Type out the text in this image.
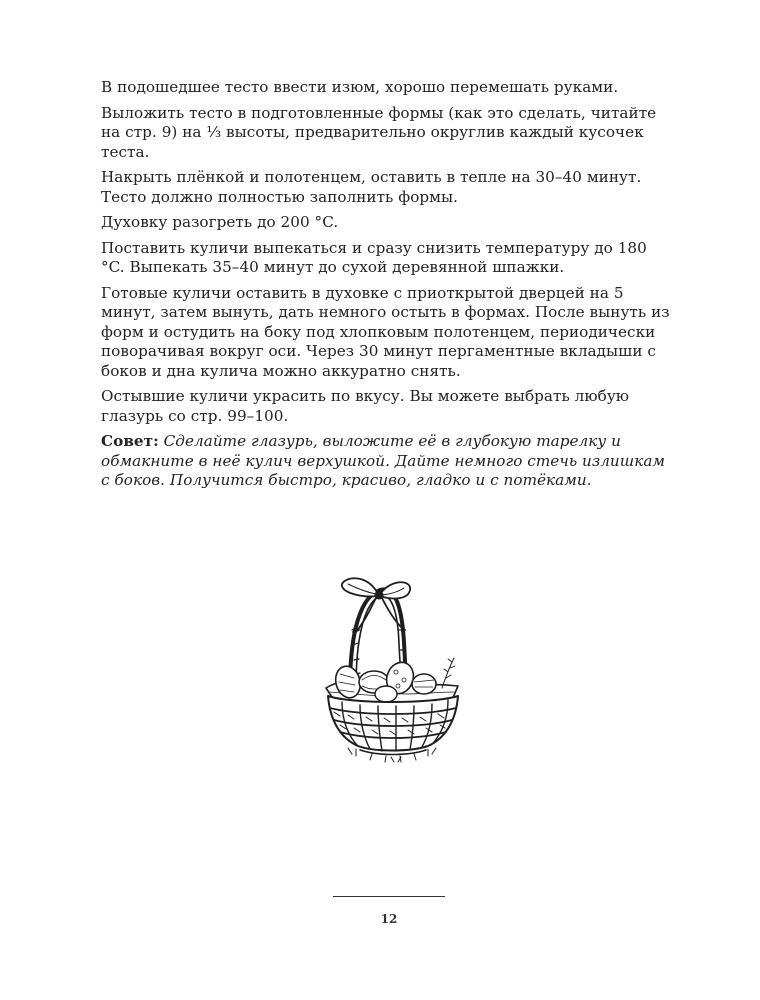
В подошедшее тесто ввести изюм, хорошо перемешать руками.

Выложить тесто в подготовленные формы (как это сделать, читайте на стр. 9) на ⅓ высоты, предварительно округлив каждый кусочек теста.

Накрыть плёнкой и полотенцем, оставить в тепле на 30–40 минут. Тесто должно полностью заполнить формы.

Духовку разогреть до 200 °C.

Поставить куличи выпекаться и сразу снизить температуру до 180 °C. Выпекать 35–40 минут до сухой деревянной шпажки.

Готовые куличи оставить в духовке с приоткрытой дверцей на 5 минут, затем вынуть, дать немного остыть в формах. После вынуть из форм и остудить на боку под хлопковым полотенцем, периодически поворачивая вокруг оси. Через 30 минут пергаментные вкладыши с боков и дна кулича можно аккуратно снять.

Остывшие куличи украсить по вкусу. Вы можете выбрать любую глазурь со стр. 99–100.

Совет: Сделайте глазурь, выложите её в глубокую тарелку и обмакните в неё кулич верхушкой. Дайте немного стечь излишкам с боков. Получится быстро, красиво, гладко и с потёками.

12
